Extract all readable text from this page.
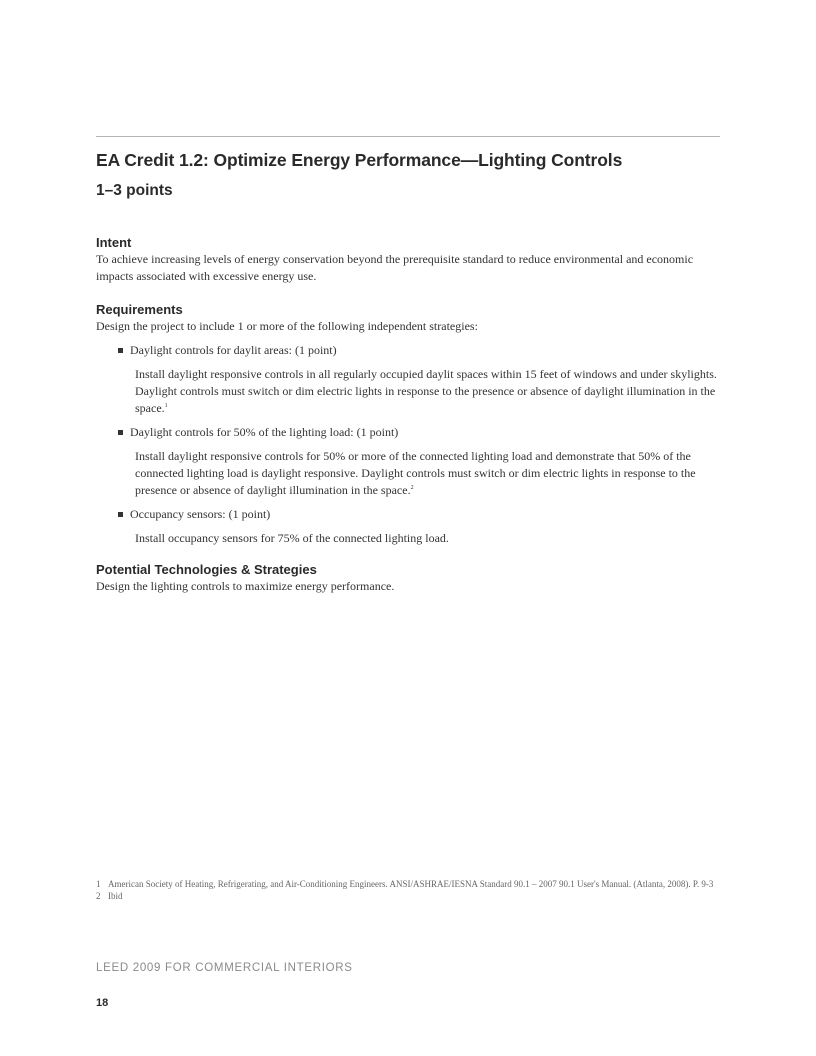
EA Credit 1.2: Optimize Energy Performance—Lighting Controls
1–3 points
Intent

To achieve increasing levels of energy conservation beyond the prerequisite standard to reduce environmental and economic impacts associated with excessive energy use.

Requirements

Design the project to include 1 or more of the following independent strategies:

Daylight controls for daylit areas: (1 point)
Install daylight responsive controls in all regularly occupied daylit spaces within 15 feet of windows and under skylights. Daylight controls must switch or dim electric lights in response to the presence or absence of daylight illumination in the space.$^1$
Daylight controls for 50% of the lighting load: (1 point)
Install daylight responsive controls for 50% or more of the connected lighting load and demonstrate that 50% of the connected lighting load is daylight responsive. Daylight controls must switch or dim electric lights in response to the presence or absence of daylight illumination in the space.$^2$
Occupancy sensors: (1 point)
Install occupancy sensors for 75% of the connected lighting load.
Potential Technologies & Strategies

Design the lighting controls to maximize energy performance.

1 American Society of Heating, Refrigerating, and Air-Conditioning Engineers. ANSI/ASHRAE/IESNA Standard 90.1 – 2007 90.1 User's Manual. (Atlanta, 2008). P. 9-3
2 Ibid
LEED 2009 FOR COMMERCIAL INTERIORS
18
